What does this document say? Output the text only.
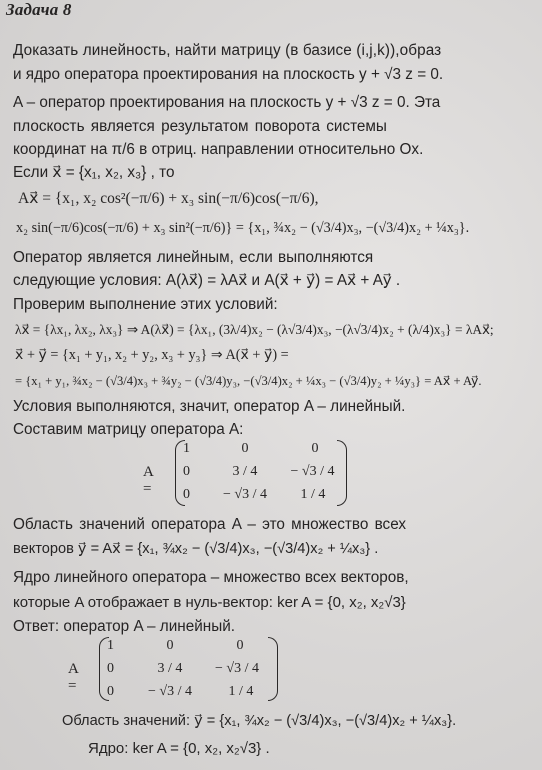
Задача 8
Доказать линейность, найти матрицу (в базисе (i,j,k)),образ
и ядро оператора проектирования на плоскость y + √3 z = 0.
A – оператор проектирования на плоскость y + √3 z = 0. Эта
плоскость является результатом поворота системы
координат на π/6 в отриц. направлении относительно Ox.
Если x⃗ = {x₁, x₂, x₃} , то
Ax⃗ = {x₁, x₂ cos²(−π/6) + x₃ sin(−π/6)cos(−π/6),
x₂ sin(−π/6)cos(−π/6) + x₃ sin²(−π/6)} = {x₁, ¾x₂ − (√3/4)x₃, −(√3/4)x₂ + ¼x₃}.
Оператор является линейным, если выполняются
следующие условия: A(λx⃗) = λAx⃗ и A(x⃗ + y⃗) = Ax⃗ + Ay⃗ .
Проверим выполнение этих условий:
λx⃗ = {λx₁, λx₂, λx₃} ⇒ A(λx⃗) = {λx₁, (3λ/4)x₂ − (λ√3/4)x₃, −(λ√3/4)x₂ + (λ/4)x₃} = λAx⃗;
x⃗ + y⃗ = {x₁ + y₁, x₂ + y₂, x₃ + y₃} ⇒ A(x⃗ + y⃗) =
= {x₁ + y₁, ¾x₂ − (√3/4)x₃ + ¾y₂ − (√3/4)y₃, −(√3/4)x₂ + ¼x₃ − (√3/4)y₂ + ¼y₃} = Ax⃗ + Ay⃗.
Условия выполняются, значит, оператор A – линейный.
Составим матрицу оператора A:
A =
1	0	0
0	3 / 4	− √3 / 4
0	− √3 / 4	1 / 4
Область значений оператора A – это множество всех
векторов y⃗ = Ax⃗ = {x₁, ¾x₂ − (√3/4)x₃, −(√3/4)x₂ + ¼x₃} .
Ядро линейного оператора – множество всех векторов,
которые A отображает в нуль-вектор: ker A = {0, x₂, x₂√3}
Ответ: оператор A – линейный.
A =
1	0	0
0	3 / 4	− √3 / 4
0	− √3 / 4	1 / 4
Область значений: y⃗ = {x₁, ¾x₂ − (√3/4)x₃, −(√3/4)x₂ + ¼x₃}.
Ядро: ker A = {0, x₂, x₂√3} .
